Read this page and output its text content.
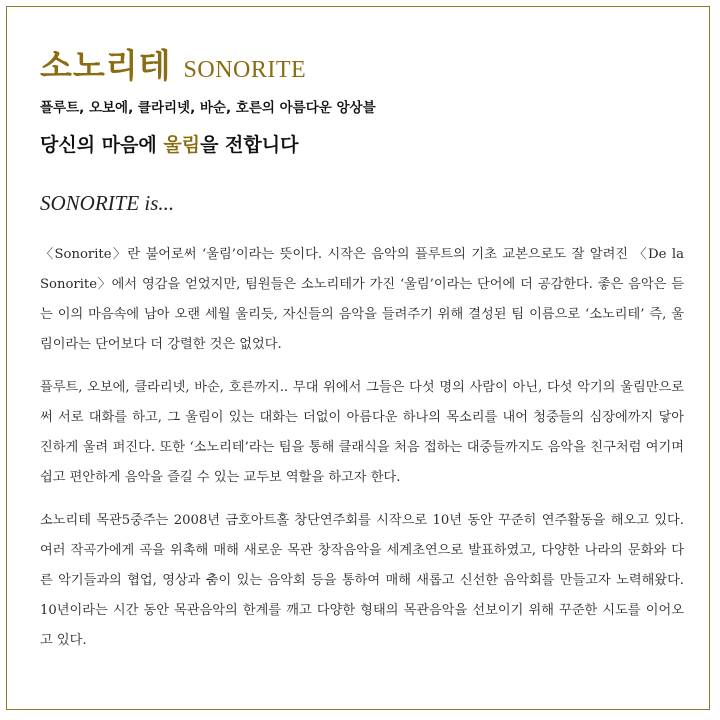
소노리테 SONORITE
플루트, 오보에, 클라리넷, 바순, 호른의 아름다운 앙상블
당신의 마음에 울림을 전합니다
SONORITE is...

〈Sonorite〉란 불어로써 ‘울림’이라는 뜻이다. 시작은 음악의 플루트의 기초 교본으로도 잘 알려진 〈De la Sonorite〉에서 영감을 얻었지만, 팀원들은 소노리테가 가진 ‘울림’이라는 단어에 더 공감한다. 좋은 음악은 듣는 이의 마음속에 남아 오랜 세월 울리듯, 자신들의 음악을 들려주기 위해 결성된 팀 이름으로 ‘소노리테’ 즉, 울림이라는 단어보다 더 강렬한 것은 없었다.

플루트, 오보에, 클라리넷, 바순, 호른까지.. 무대 위에서 그들은 다섯 명의 사람이 아닌, 다섯 악기의 울림만으로써 서로 대화를 하고, 그 울림이 있는 대화는 더없이 아름다운 하나의 목소리를 내어 청중들의 심장에까지 닿아 진하게 울려 퍼진다. 또한 ‘소노리테’라는 팀을 통해 클래식을 처음 접하는 대중들까지도 음악을 친구처럼 여기며 쉽고 편안하게 음악을 즐길 수 있는 교두보 역할을 하고자 한다.

소노리테 목관5중주는 2008년 금호아트홀 창단연주회를 시작으로 10년 동안 꾸준히 연주활동을 해오고 있다. 여러 작곡가에게 곡을 위촉해 매해 새로운 목관 창작음악을 세계초연으로 발표하였고, 다양한 나라의 문화와 다른 악기들과의 협업, 영상과 춤이 있는 음악회 등을 통하여 매해 새롭고 신선한 음악회를 만들고자 노력해왔다. 10년이라는 시간 동안 목관음악의 한계를 깨고 다양한 형태의 목관음악을 선보이기 위해 꾸준한 시도를 이어오고 있다.
